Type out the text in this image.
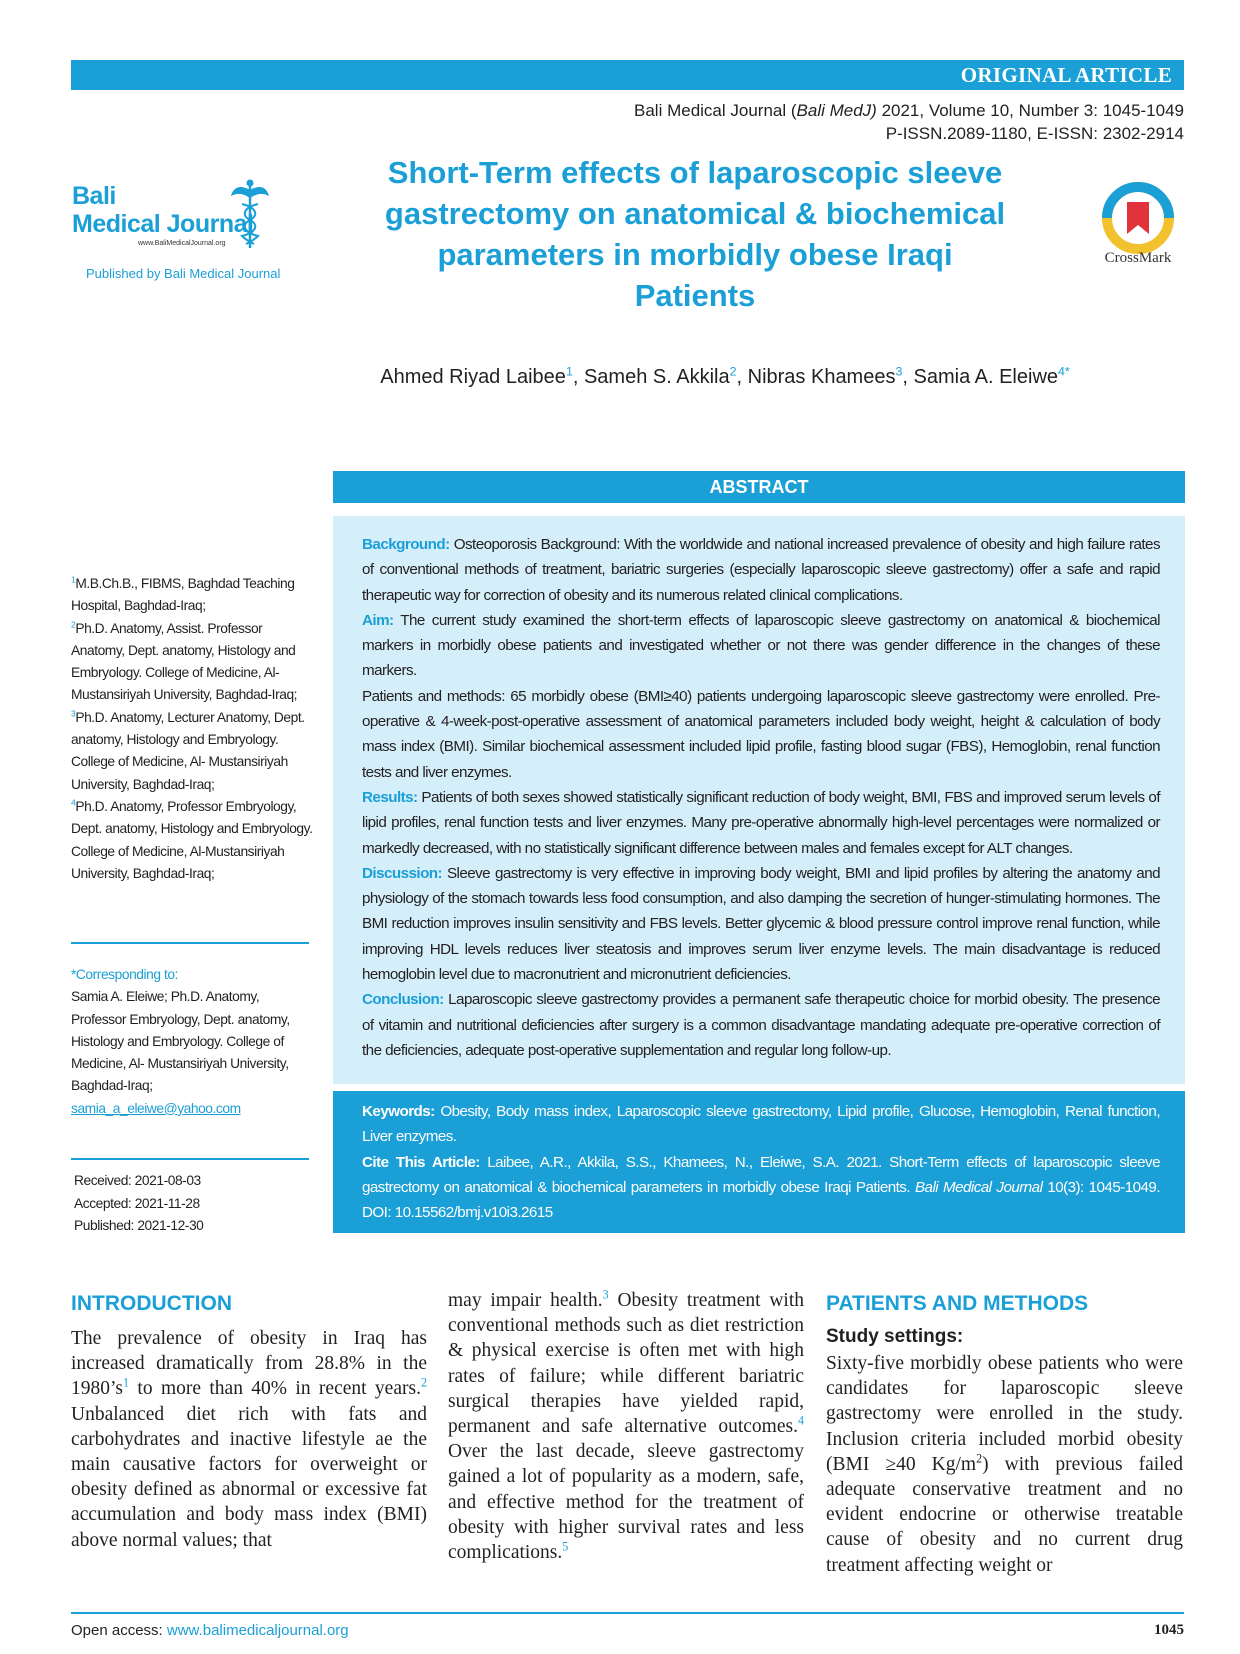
ORIGINAL ARTICLE
Bali Medical Journal (Bali MedJ) 2021, Volume 10, Number 3: 1045-1049
P-ISSN.2089-1180, E-ISSN: 2302-2914
Bali
Medical Journal
www.BaliMedicalJournal.org
Published by Bali Medical Journal
Short-Term effects of laparoscopic sleeve gastrectomy on anatomical & biochemical parameters in morbidly obese Iraqi Patients
CrossMark
Ahmed Riyad Laibee$^1$, Sameh S. Akkila$^2$, Nibras Khamees$^3$, Samia A. Eleiwe$^{4*}$
ABSTRACT
Background: Osteoporosis Background: With the worldwide and national increased prevalence of obesity and high failure rates of conventional methods of treatment, bariatric surgeries (especially laparoscopic sleeve gastrectomy) offer a safe and rapid therapeutic way for correction of obesity and its numerous related clinical complications.
Aim: The current study examined the short-term effects of laparoscopic sleeve gastrectomy on anatomical & biochemical markers in morbidly obese patients and investigated whether or not there was gender difference in the changes of these markers.
Patients and methods: 65 morbidly obese (BMI≥40) patients undergoing laparoscopic sleeve gastrectomy were enrolled. Pre-operative & 4-week-post-operative assessment of anatomical parameters included body weight, height & calculation of body mass index (BMI). Similar biochemical assessment included lipid profile, fasting blood sugar (FBS), Hemoglobin, renal function tests and liver enzymes.
Results: Patients of both sexes showed statistically significant reduction of body weight, BMI, FBS and improved serum levels of lipid profiles, renal function tests and liver enzymes. Many pre-operative abnormally high-level percentages were normalized or markedly decreased, with no statistically significant difference between males and females except for ALT changes.
Discussion: Sleeve gastrectomy is very effective in improving body weight, BMI and lipid profiles by altering the anatomy and physiology of the stomach towards less food consumption, and also damping the secretion of hunger-stimulating hormones. The BMI reduction improves insulin sensitivity and FBS levels. Better glycemic & blood pressure control improve renal function, while improving HDL levels reduces liver steatosis and improves serum liver enzyme levels. The main disadvantage is reduced hemoglobin level due to macronutrient and micronutrient deficiencies.
Conclusion: Laparoscopic sleeve gastrectomy provides a permanent safe therapeutic choice for morbid obesity. The presence of vitamin and nutritional deficiencies after surgery is a common disadvantage mandating adequate pre-operative correction of the deficiencies, adequate post-operative supplementation and regular long follow-up.
Keywords: Obesity, Body mass index, Laparoscopic sleeve gastrectomy, Lipid profile, Glucose, Hemoglobin, Renal function, Liver enzymes.
Cite This Article: Laibee, A.R., Akkila, S.S., Khamees, N., Eleiwe, S.A. 2021. Short-Term effects of laparoscopic sleeve gastrectomy on anatomical & biochemical parameters in morbidly obese Iraqi Patients. Bali Medical Journal 10(3): 1045-1049. DOI: 10.15562/bmj.v10i3.2615
$^1$M.B.Ch.B., FIBMS, Baghdad Teaching Hospital, Baghdad-Iraq;
$^2$Ph.D. Anatomy, Assist. Professor Anatomy, Dept. anatomy, Histology and Embryology. College of Medicine, Al-Mustansiriyah University, Baghdad-Iraq;
$^3$Ph.D. Anatomy, Lecturer Anatomy, Dept. anatomy, Histology and Embryology. College of Medicine, Al- Mustansiriyah University, Baghdad-Iraq;
$^4$Ph.D. Anatomy, Professor Embryology, Dept. anatomy, Histology and Embryology. College of Medicine, Al-Mustansiriyah University, Baghdad-Iraq;
*Corresponding to:
Samia A. Eleiwe; Ph.D. Anatomy, Professor Embryology, Dept. anatomy, Histology and Embryology. College of Medicine, Al- Mustansiriyah University, Baghdad-Iraq;
samia_a_eleiwe@yahoo.com
Received: 2021-08-03
Accepted: 2021-11-28
Published: 2021-12-30
INTRODUCTION
The prevalence of obesity in Iraq has increased dramatically from 28.8% in the $1980’s^1$ to more than 40% in recent years.$^2$ Unbalanced diet rich with fats and carbohydrates and inactive lifestyle ae the main causative factors for overweight or obesity defined as abnormal or excessive fat accumulation and body mass index (BMI) above normal values; that
may impair health.$^3$ Obesity treatment with conventional methods such as diet restriction & physical exercise is often met with high rates of failure; while different bariatric surgical therapies have yielded rapid, permanent and safe alternative outcomes.$^4$ Over the last decade, sleeve gastrectomy gained a lot of popularity as a modern, safe, and effective method for the treatment of obesity with higher survival rates and less complications.$^5$
PATIENTS AND METHODS
Study settings:
Sixty-five morbidly obese patients who were candidates for laparoscopic sleeve gastrectomy were enrolled in the study. Inclusion criteria included morbid obesity (BMI ≥40 $Kg/m^2$) with previous failed adequate conservative treatment and no evident endocrine or otherwise treatable cause of obesity and no current drug treatment affecting weight or
Open access: www.balimedicaljournal.org	1045
